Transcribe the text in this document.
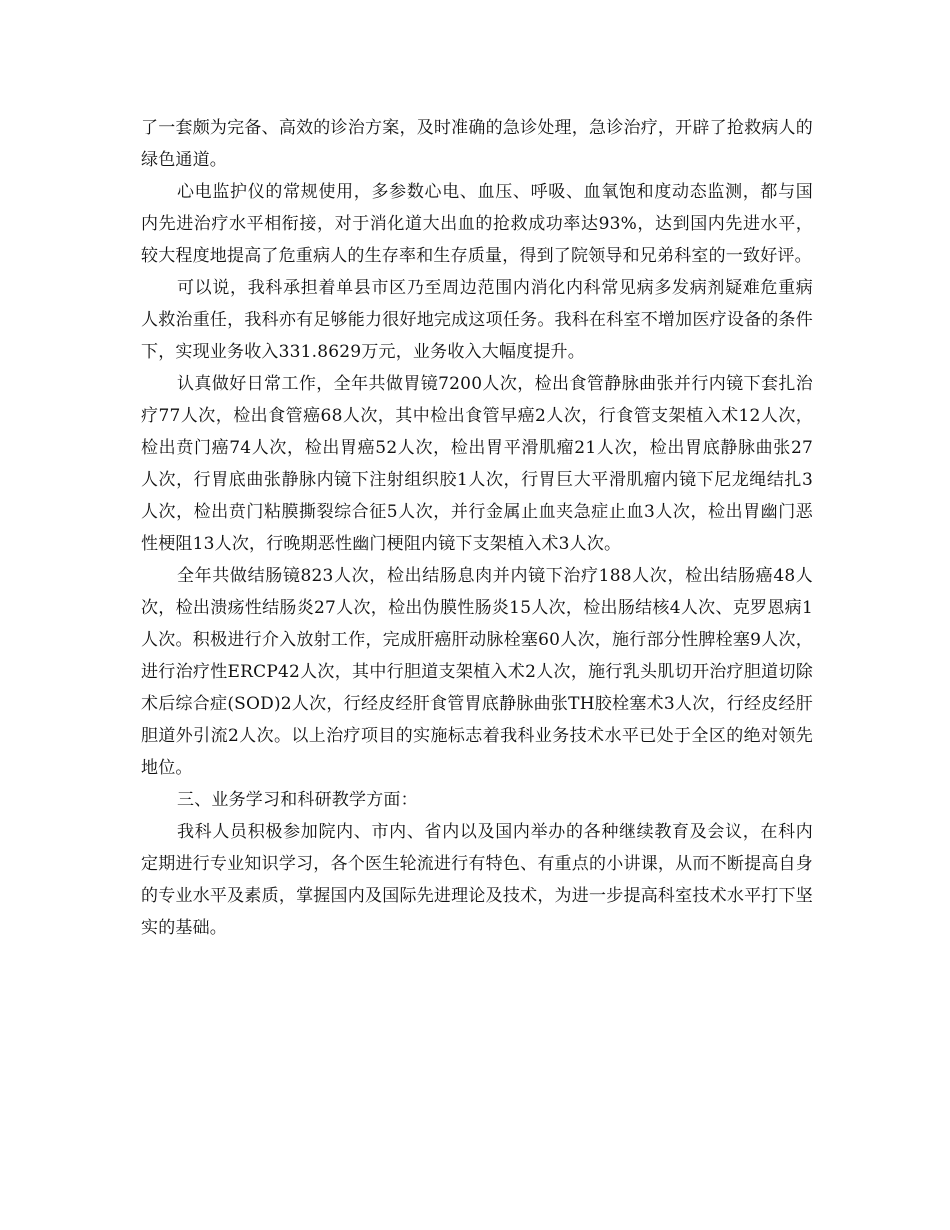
了一套颇为完备、高效的诊治方案，及时准确的急诊处理，急诊治疗，开辟了抢救病人的绿色通道。

心电监护仪的常规使用，多参数心电、血压、呼吸、血氧饱和度动态监测，都与国内先进治疗水平相衔接，对于消化道大出血的抢救成功率达93%，达到国内先进水平，较大程度地提高了危重病人的生存率和生存质量，得到了院领导和兄弟科室的一致好评。

可以说，我科承担着单县市区乃至周边范围内消化内科常见病多发病剂疑难危重病人救治重任，我科亦有足够能力很好地完成这项任务。我科在科室不增加医疗设备的条件下，实现业务收入331.8629万元，业务收入大幅度提升。

认真做好日常工作，全年共做胃镜7200人次，检出食管静脉曲张并行内镜下套扎治疗77人次，检出食管癌68人次，其中检出食管早癌2人次，行食管支架植入术12人次，检出贲门癌74人次，检出胃癌52人次，检出胃平滑肌瘤21人次，检出胃底静脉曲张27人次，行胃底曲张静脉内镜下注射组织胶1人次，行胃巨大平滑肌瘤内镜下尼龙绳结扎3人次，检出贲门粘膜撕裂综合征5人次，并行金属止血夹急症止血3人次，检出胃幽门恶性梗阻13人次，行晚期恶性幽门梗阻内镜下支架植入术3人次。

全年共做结肠镜823人次，检出结肠息肉并内镜下治疗188人次，检出结肠癌48人次，检出溃疡性结肠炎27人次，检出伪膜性肠炎15人次，检出肠结核4人次、克罗恩病1人次。积极进行介入放射工作，完成肝癌肝动脉栓塞60人次，施行部分性脾栓塞9人次，进行治疗性ERCP42人次，其中行胆道支架植入术2人次，施行乳头肌切开治疗胆道切除术后综合症(SOD)2人次，行经皮经肝食管胃底静脉曲张TH胶栓塞术3人次，行经皮经肝胆道外引流2人次。以上治疗项目的实施标志着我科业务技术水平已处于全区的绝对领先地位。

三、业务学习和科研教学方面：

我科人员积极参加院内、市内、省内以及国内举办的各种继续教育及会议，在科内定期进行专业知识学习，各个医生轮流进行有特色、有重点的小讲课，从而不断提高自身的专业水平及素质，掌握国内及国际先进理论及技术，为进一步提高科室技术水平打下坚实的基础。
